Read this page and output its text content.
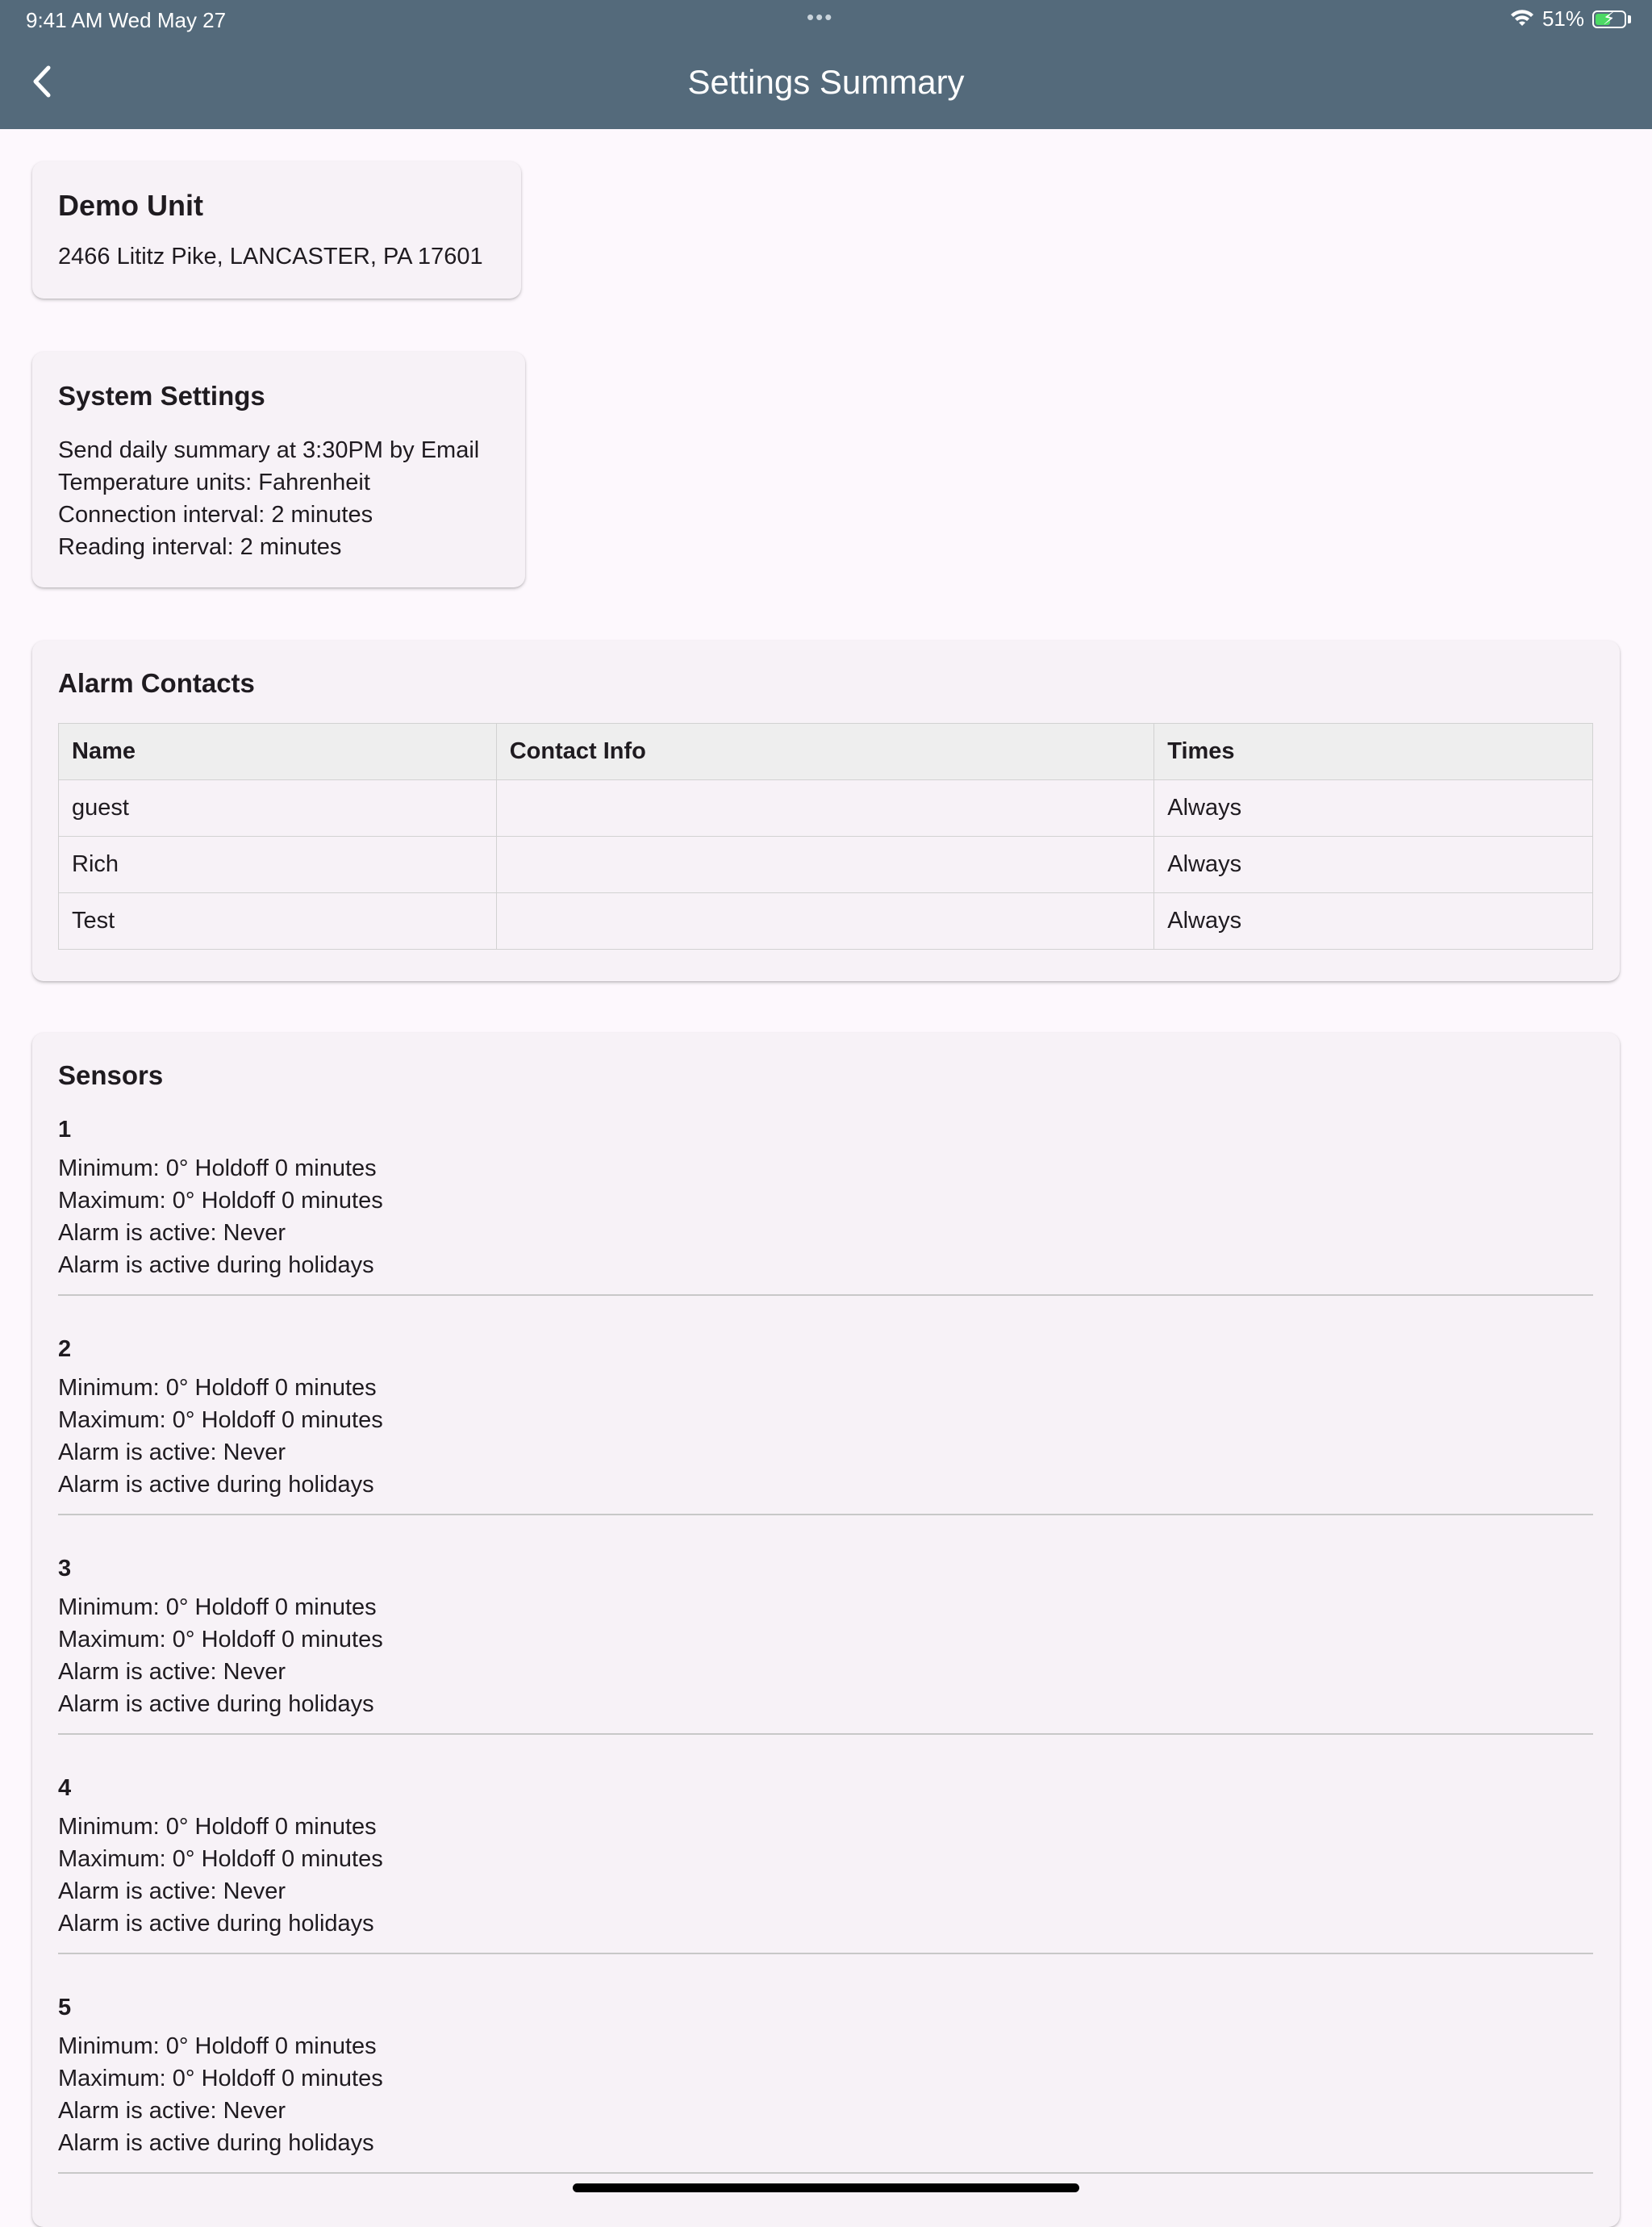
9:41 AM Wed May 27	•••	51% ⚡
Settings Summary
Demo Unit
2466 Lititz Pike, LANCASTER, PA 17601
System Settings
Send daily summary at 3:30PM by Email
Temperature units: Fahrenheit
Connection interval: 2 minutes
Reading interval: 2 minutes
Alarm Contacts
Name	Contact Info	Times
guest		Always
Rich		Always
Test		Always
Sensors
1
Minimum: 0° Holdoff 0 minutes
Maximum: 0° Holdoff 0 minutes
Alarm is active: Never
Alarm is active during holidays
2
Minimum: 0° Holdoff 0 minutes
Maximum: 0° Holdoff 0 minutes
Alarm is active: Never
Alarm is active during holidays
3
Minimum: 0° Holdoff 0 minutes
Maximum: 0° Holdoff 0 minutes
Alarm is active: Never
Alarm is active during holidays
4
Minimum: 0° Holdoff 0 minutes
Maximum: 0° Holdoff 0 minutes
Alarm is active: Never
Alarm is active during holidays
5
Minimum: 0° Holdoff 0 minutes
Maximum: 0° Holdoff 0 minutes
Alarm is active: Never
Alarm is active during holidays
